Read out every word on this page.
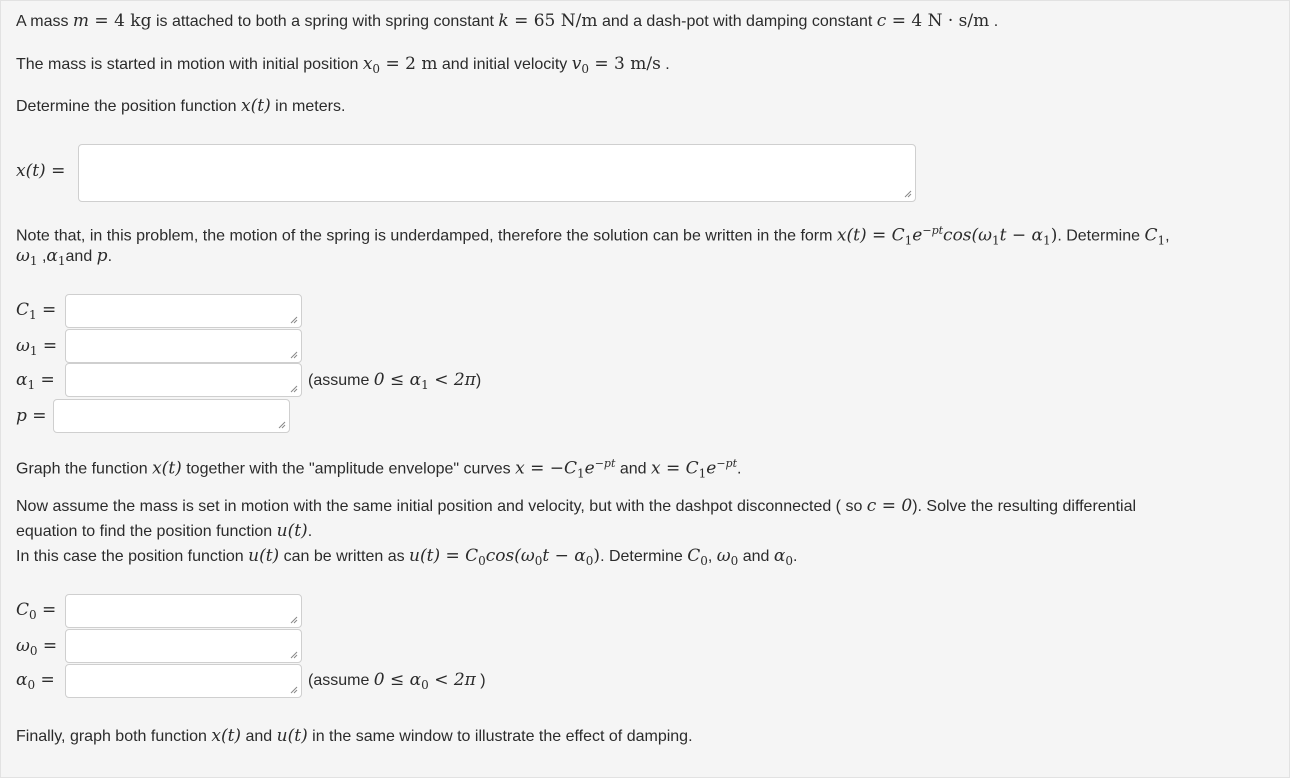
A mass m = 4 kg is attached to both a spring with spring constant k = 65 N/m and a dash-pot with damping constant c = 4 N · s/m .
The mass is started in motion with initial position $x_0 = 2$ m and initial velocity $v_0 = 3$ m/s .
Determine the position function x(t) in meters.
x(t) =
Note that, in this problem, the motion of the spring is underdamped, therefore the solution can be written in the form $x(t) = C_1e^{-pt}\cos(\omega_1t - \alpha_1)$. Determine $C_1$,
$\omega_1$ $,\alpha_1and$ p.
$C_1$ =
$\omega_1$ =
$\alpha_1$ =	(assume $0 \le \alpha_1 < 2\pi$)
p =
Graph the function x(t) together with the "amplitude envelope" curves $x = -C_1e^{-pt}$ and $x = C_1e^{-pt}$.
Now assume the mass is set in motion with the same initial position and velocity, but with the dashpot disconnected ( so c = 0). Solve the resulting differential
equation to find the position function u(t).
In this case the position function u(t) can be written as $u(t) = C_0\cos(\omega_0t - \alpha_0)$. Determine $C_0$, $\omega_0$ and $\alpha_0$.
$C_0$ =
$\omega_0$ =
$\alpha_0$ =	(assume $0 \le \alpha_0 < 2\pi$ )
Finally, graph both function x(t) and u(t) in the same window to illustrate the effect of damping.
